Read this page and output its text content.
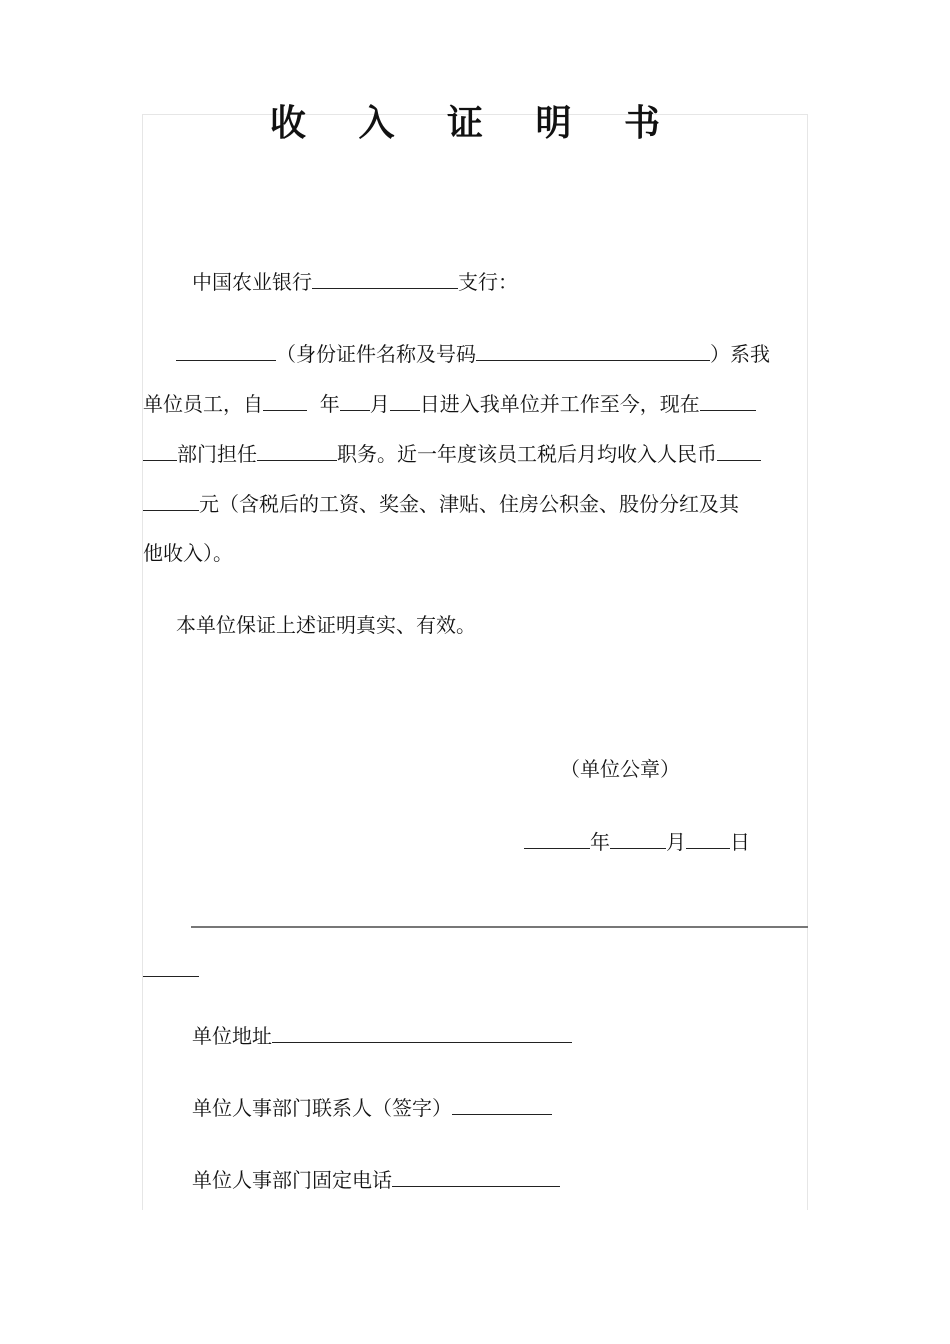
收 入 证 明 书
中国农业银行	支行：
（身份证件名称及号码	）系我
单位员工，自	年 月 日进入我单位并工作至今，现在
部门担任	职务。近一年度该员工税后月均收入人民币
元（含税后的工资、奖金、津贴、住房公积金、股份分红及其
他收入）。
本单位保证上述证明真实、有效。
（单位公章）
年	月 日
单位地址
单位人事部门联系人（签字）
单位人事部门固定电话
